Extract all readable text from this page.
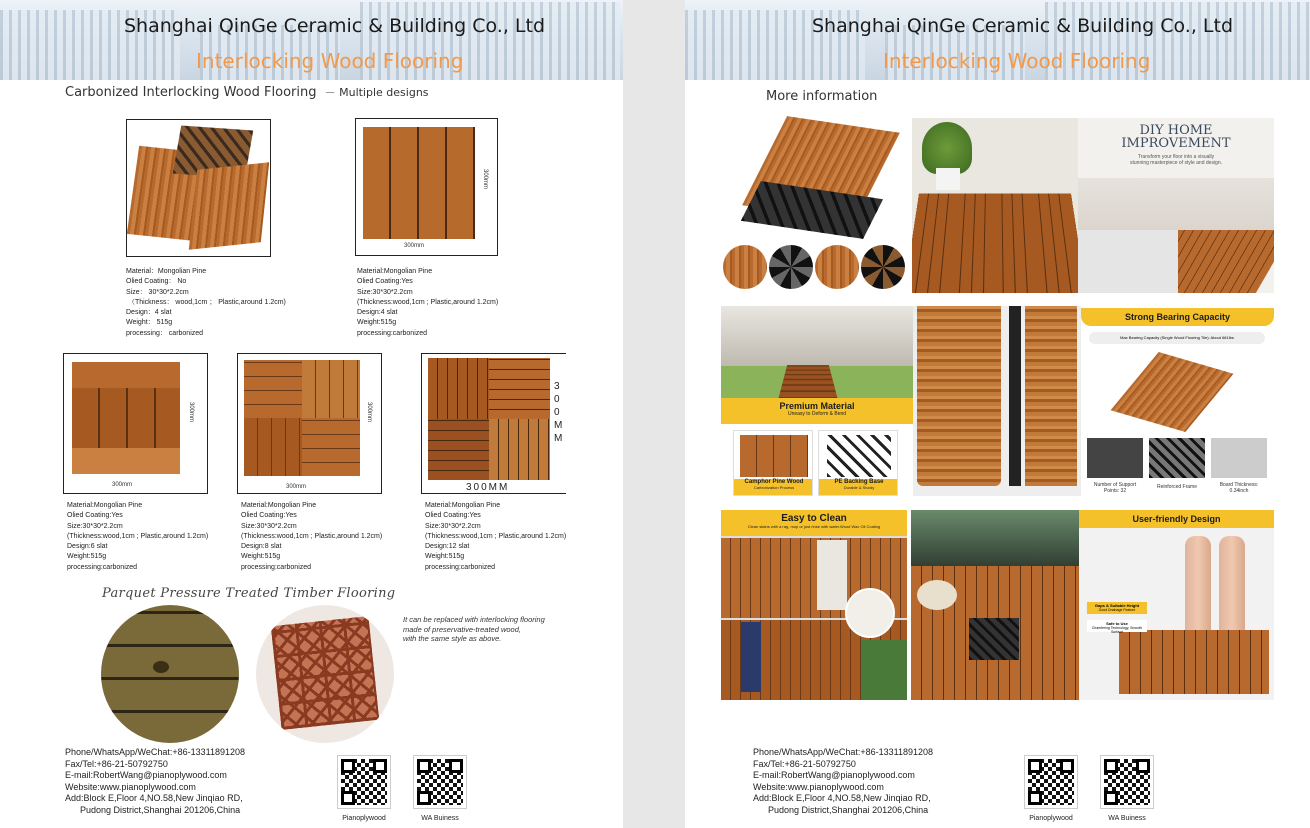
Shanghai QinGe Ceramic & Building Co., Ltd
Interlocking Wood Flooring
Carbonized Interlocking Wood Flooring － Multiple designs
Material：Mongolian Pine
Olied Coating： No
Size： 30*30*2.2cm
（Thickness： wood,1cm ； Plastic,around 1.2cm)
Design：4 slat
Weight： 515g
processing： carbonized
300mm
300mm
Material:Mongolian Pine
Olied Coating:Yes
Size:30*30*2.2cm
(Thickness:wood,1cm ; Plastic,around 1.2cm)
Design:4 slat
Weight:515g
processing:carbonized
300mm
300mm
Material:Mongolian Pine
Olied Coating:Yes
Size:30*30*2.2cm
(Thickness:wood,1cm ; Plastic,around 1.2cm)
Design:6 slat
Weight:515g
processing:carbonized
300mm
300mm
Material:Mongolian Pine
Olied Coating:Yes
Size:30*30*2.2cm
(Thickness:wood,1cm ; Plastic,around 1.2cm)
Design:8 slat
Weight:515g
processing:carbonized
3
0
0
M
M
300MM
Material:Mongolian Pine
Olied Coating:Yes
Size:30*30*2.2cm
(Thickness:wood,1cm ; Plastic,around 1.2cm)
Design:12 slat
Weight:515g
processing:carbonized
Parquet Pressure Treated Timber Flooring
It can be replaced with interlocking flooring
made of preservative-treated wood,
with the same style as above.
Phone/WhatsApp/WeChat:+86-13311891208
Fax/Tel:+86-21-50792750
E-mail:RobertWang@pianoplywood.com
Website:www.pianoplywood.com
Add:Block E,Floor 4,NO.58,New Jinqiao RD,
Pudong District,Shanghai 201206,China
Pianoplywood	WA Buiness
Shanghai QinGe Ceramic & Building Co., Ltd
Interlocking Wood Flooring
More information
DIY HOME
IMPROVEMENT
Transform your floor into a visually
stunning masterpiece of style and design.
Premium Material
Uneasy to Deform & Bend
Camphor Pine Wood
Carbonization Process
PE Backing Base
Durable & Sturdy
Strong Bearing Capacity
Max Bearing Capacity (Single Wood Flooring Tile): About 661lbs
Number of Support Points: 32
Reinforced Frame	Board Thickness: 0.34inch
Easy to Clean
Clean stains with a rag, mop or just rinse with water.Wood Wax Oil Coating
User-friendly Design
Gaps & Suitable Height
Good Drainage Feature
Safe to Use
Chamfering Technology, Smooth Surface
Phone/WhatsApp/WeChat:+86-13311891208
Fax/Tel:+86-21-50792750
E-mail:RobertWang@pianoplywood.com
Website:www.pianoplywood.com
Add:Block E,Floor 4,NO.58,New Jinqiao RD,
Pudong District,Shanghai 201206,China
Pianoplywood	WA Buiness
